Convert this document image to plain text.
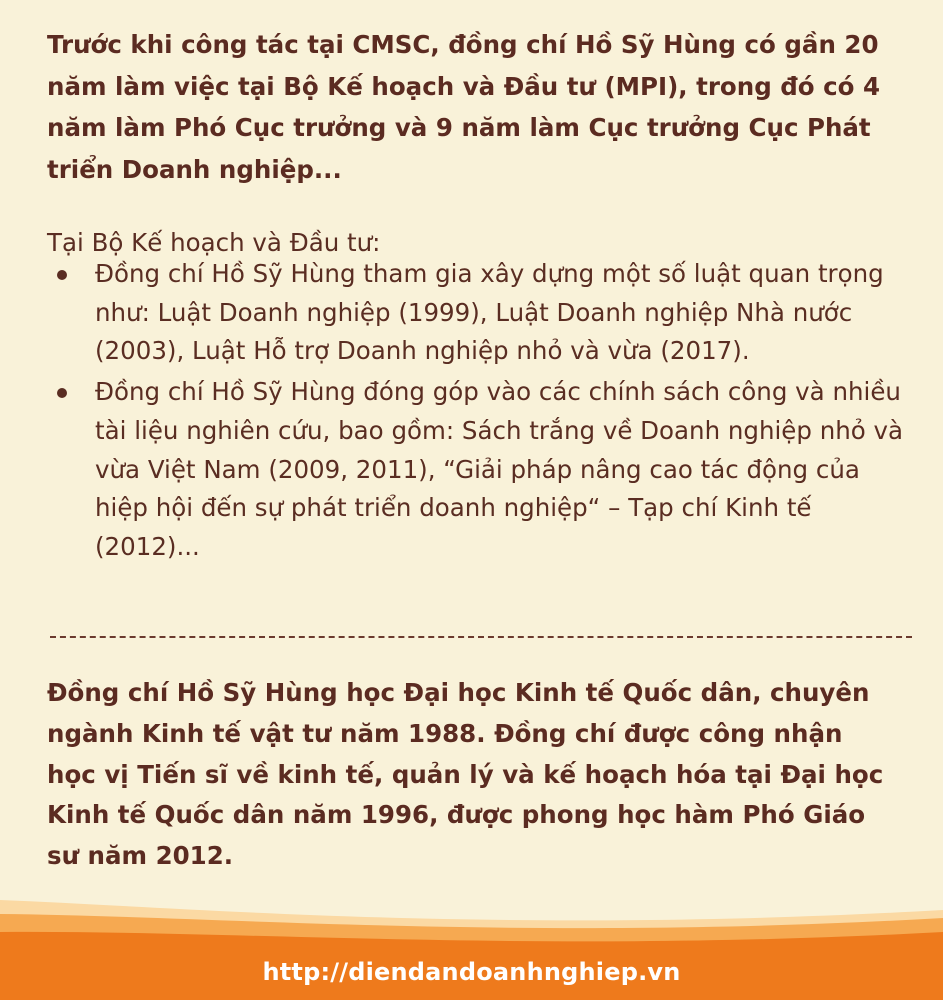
Trước khi công tác tại CMSC, đồng chí Hồ Sỹ Hùng có gần 20 năm làm việc tại Bộ Kế hoạch và Đầu tư (MPI), trong đó có 4 năm làm Phó Cục trưởng và 9 năm làm Cục trưởng Cục Phát triển Doanh nghiệp...

Tại Bộ Kế hoạch và Đầu tư:

Đồng chí Hồ Sỹ Hùng tham gia xây dựng một số luật quan trọng như: Luật Doanh nghiệp (1999), Luật Doanh nghiệp Nhà nước (2003), Luật Hỗ trợ Doanh nghiệp nhỏ và vừa (2017).
Đồng chí Hồ Sỹ Hùng đóng góp vào các chính sách công và nhiều tài liệu nghiên cứu, bao gồm: Sách trắng về Doanh nghiệp nhỏ và vừa Việt Nam (2009, 2011), “Giải pháp nâng cao tác động của hiệp hội đến sự phát triển doanh nghiệp“ – Tạp chí Kinh tế (2012)...

Đồng chí Hồ Sỹ Hùng học Đại học Kinh tế Quốc dân, chuyên ngành Kinh tế vật tư năm 1988. Đồng chí được công nhận học vị Tiến sĩ về kinh tế, quản lý và kế hoạch hóa tại Đại học Kinh tế Quốc dân năm 1996, được phong học hàm Phó Giáo sư năm 2012.

http://diendandoanhnghiep.vn
